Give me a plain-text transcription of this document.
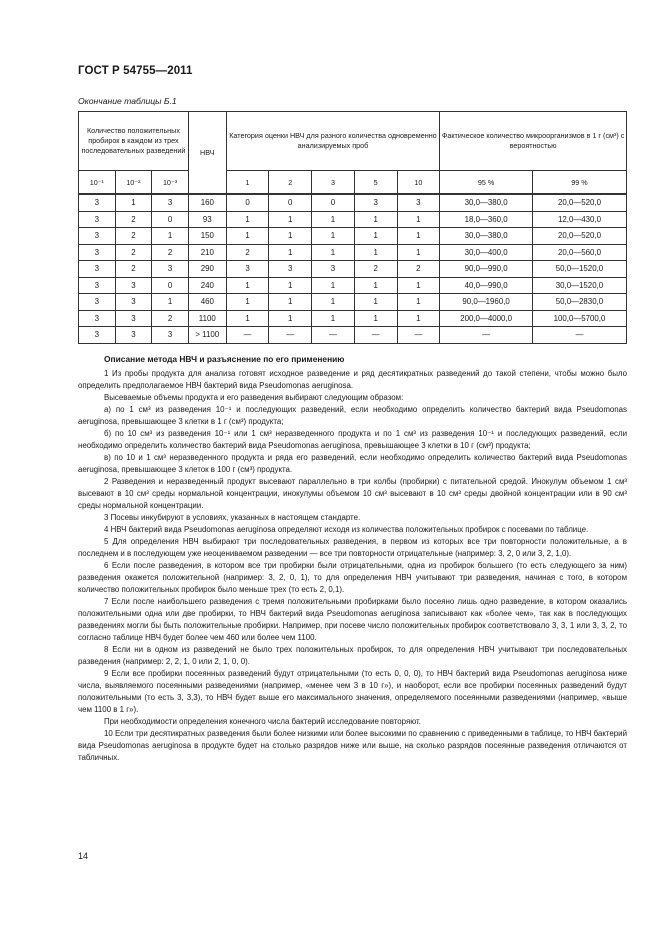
ГОСТ Р 54755—2011
Окончание таблицы Б.1
Количество положительных пробирок в каждом из трех последовательных разведений			НВЧ	Категория оценки НВЧ для разного количества одновременно анализируемых проб					Фактическое количество микроорганизмов в 1 г (см³) с вероятностью	
10⁻¹	10⁻²	10⁻³		1	2	3	5	10	95 %	99 %
3	1	3	160	0	0	0	3	3	30,0—380,0	20,0—520,0
3	2	0	93	1	1	1	1	1	18,0—360,0	12,0—430,0
3	2	1	150	1	1	1	1	1	30,0—380,0	20,0—520,0
3	2	2	210	2	1	1	1	1	30,0—400,0	20,0—560,0
3	2	3	290	3	3	3	2	2	90,0—990,0	50,0—1520,0
3	3	0	240	1	1	1	1	1	40,0—990,0	30,0—1520,0
3	3	1	460	1	1	1	1	1	90,0—1960,0	50,0—2830,0
3	3	2	1100	1	1	1	1	1	200,0—4000,0	100,0—5700,0
3	3	3	> 1100	—	—	—	—	—	—	—

Описание метода НВЧ и разъяснение по его применению

1 Из пробы продукта для анализа готовят исходное разведение и ряд десятикратных разведений до такой степени, чтобы можно было определить предполагаемое НВЧ бактерий вида Pseudomonas aeruginosa.

Высеваемые объемы продукта и его разведения выбирают следующим образом:

а) по 1 см³ из разведения 10⁻¹ и последующих разведений, если необходимо определить количество бактерий вида Pseudomonas aeruginosa, превышающее 3 клетки в 1 г (см³) продукта;

б) по 10 см³ из разведения 10⁻¹ или 1 см³ неразведенного продукта и по 1 см³ из разведения 10⁻¹ и последующих разведений, если необходимо определить количество бактерий вида Pseudomonas aeruginosa, превышающее 3 клетки в 10 г (см³) продукта;

в) по 10 и 1 см³ неразведенного продукта и ряда его разведений, если необходимо определить количество бактерий вида Pseudomonas aeruginosa, превышающее 3 клеток в 100 г (см³) продукта.

2 Разведения и неразведенный продукт высевают параллельно в три колбы (пробирки) с питательной средой. Инокулум объемом 1 см³ высевают в 10 см³ среды нормальной концентрации, инокулумы объемом 10 см³ высевают в 10 см³ среды двойной концентрации или в 90 см³ среды нормальной концентрации.

3 Посевы инкубируют в условиях, указанных в настоящем стандарте.

4 НВЧ бактерий вида Pseudomonas aeruginosa определяют исходя из количества положительных пробирок с посевами по таблице.

5 Для определения НВЧ выбирают три последовательных разведения, в первом из которых все три повторности положительные, а в последнем и в последующем уже неоцениваемом разведении — все три повторности отрицательные (например: 3, 2, 0 или 3, 2, 1,0).

6 Если после разведения, в котором все три пробирки были отрицательными, одна из пробирок большего (то есть следующего за ним) разведения окажется положительной (например: 3, 2, 0, 1), то для определения НВЧ учитывают три разведения, начиная с того, в котором количество положительных пробирок было меньше трех (то есть 2, 0,1).

7 Если после наибольшего разведения с тремя положительными пробирками было посеяно лишь одно разведение, в котором оказались положительными одна или две пробирки, то НВЧ бактерий вида Pseudomonas aeruginosa записывают как «более чем», так как в последующих разведениях могли бы быть положительные пробирки. Например, при посеве число положительных пробирок соответствовало 3, 3, 1 или 3, 3, 2, то согласно таблице НВЧ будет более чем 460 или более чем 1100.

8 Если ни в одном из разведений не было трех положительных пробирок, то для определения НВЧ учитывают три последовательных разведения (например: 2, 2, 1, 0 или 2, 1, 0, 0).

9 Если все пробирки посеянных разведений будут отрицательными (то есть 0, 0, 0), то НВЧ бактерий вида Pseudomonas aeruginosa ниже числа, выявляемого посеянными разведениями (например, «менее чем 3 в 10 г»), и наоборот, если все пробирки посеянных разведений будут положительными (то есть 3, 3,3), то НВЧ будет выше его максимального значения, определяемого посеянными разведениями (например, «выше чем 1100 в 1 г»).

При необходимости определения конечного числа бактерий исследование повторяют.

10 Если три десятикратных разведения были более низкими или более высокими по сравнению с приведенными в таблице, то НВЧ бактерий вида Pseudomonas aeruginosa в продукте будет на столько разрядов ниже или выше, на сколько разрядов посеянные разведения отличаются от табличных.

14
